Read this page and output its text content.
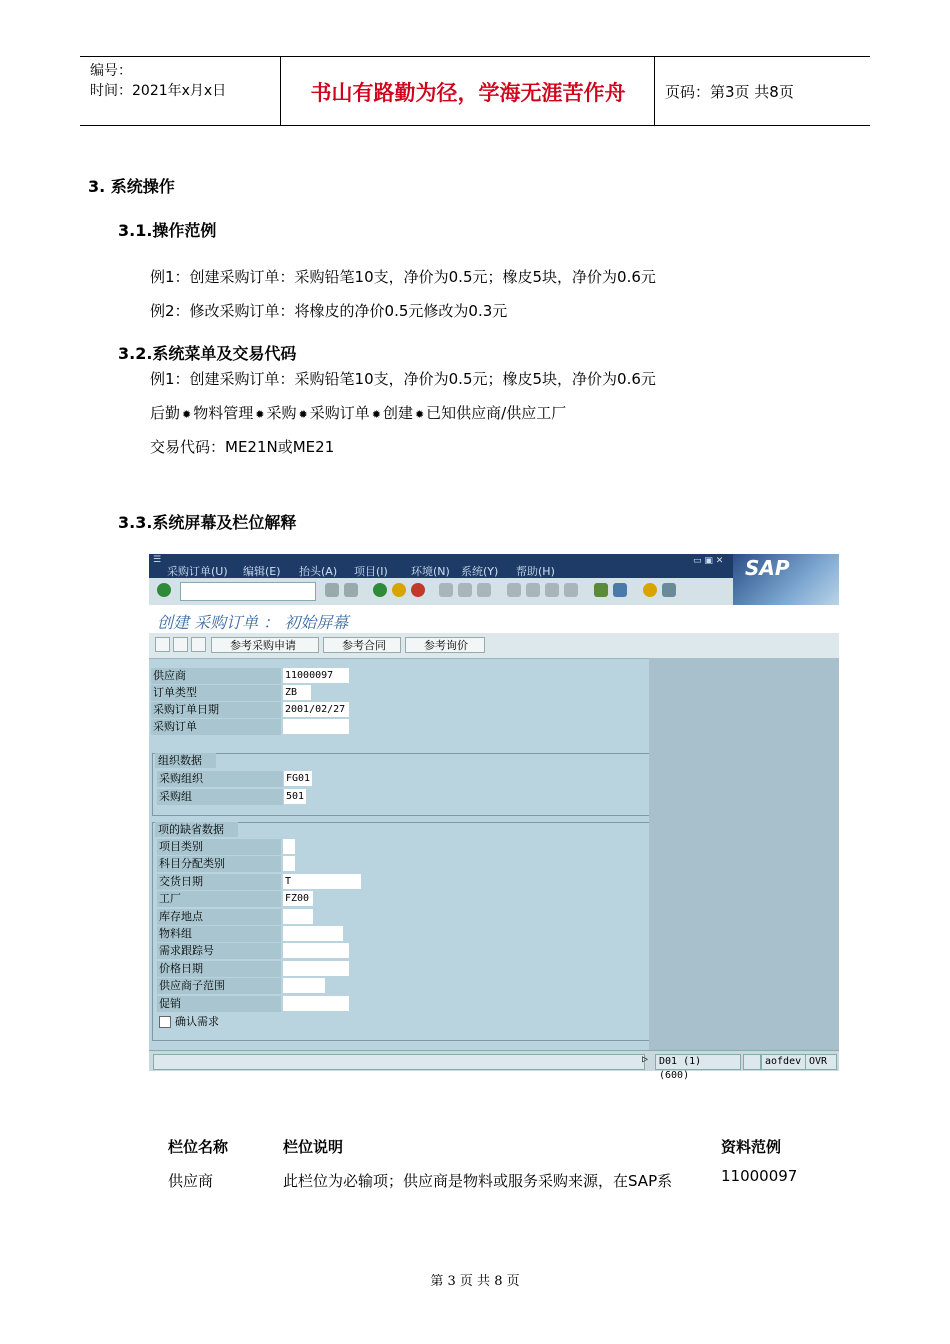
编号：
时间：2021年x月x日	书山有路勤为径，学海无涯苦作舟	页码：第3页 共8页
3. 系统操作
3.1.操作范例
例1：创建采购订单：采购铅笔10支，净价为0.5元；橡皮5块，净价为0.6元
例2：修改采购订单：将橡皮的净价0.5元修改为0.3元
3.2.系统菜单及交易代码
例1：创建采购订单：采购铅笔10支，净价为0.5元；橡皮5块，净价为0.6元
后勤 ✹ 物料管理 ✹ 采购 ✹ 采购订单 ✹ 创建 ✹ 已知供应商/供应工厂
交易代码：ME21N或ME21
3.3.系统屏幕及栏位解释
☰
采购订单(U) 编辑(E) 抬头(A) 项目(I) 环境(N) 系统(Y) 帮助(H)
▭ ▣ ✕ SAP
创建 采购订单 ： 初始屏幕
参考采购申请	参考合同	参考询价
供应商	11000097
订单类型	ZB
采购订单日期	2001/02/27
采购订单
组织数据
采购组织	FG01
采购组	501
项的缺省数据
确认需求
▷	D01 (1) (600)
aofdev OVR
项目类别
科目分配类别
交货日期	T
工厂	FZ00
库存地点
物料组
需求跟踪号
价格日期
供应商子范围
促销
栏位名称	栏位说明	资料范例
供应商	此栏位为必输项；供应商是物料或服务采购来源，在SAP系	11000097
第 3 页 共 8 页
